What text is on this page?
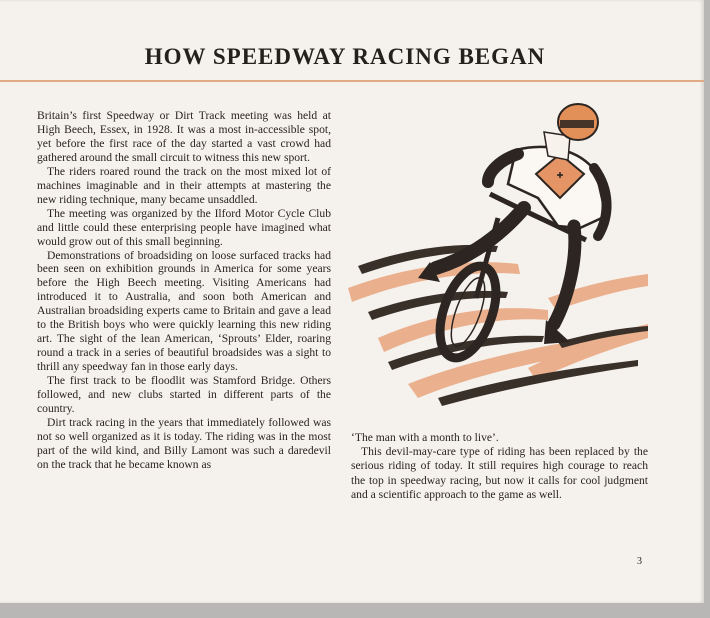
HOW SPEEDWAY RACING BEGAN

Britain’s first Speedway or Dirt Track meeting was held at High Beech, Essex, in 1928. It was a most in-accessible spot, yet before the first race of the day started a vast crowd had gathered around the small circuit to witness this new sport.

The riders roared round the track on the most mixed lot of machines imaginable and in their attempts at mastering the new riding technique, many became unsaddled.

The meeting was organized by the Ilford Motor Cycle Club and little could these enterprising people have imagined what would grow out of this small beginning.

Demonstrations of broadsiding on loose surfaced tracks had been seen on exhibition grounds in America for some years before the High Beech meeting. Visiting Americans had introduced it to Australia, and soon both American and Australian broadsiding experts came to Britain and gave a lead to the British boys who were quickly learning this new riding art. The sight of the lean American, ‘Sprouts’ Elder, roaring round a track in a series of beautiful broadsides was a sight to thrill any speedway fan in those early days.

The first track to be floodlit was Stamford Bridge. Others followed, and new clubs started in different parts of the country.

Dirt track racing in the years that immediately followed was not so well organized as it is today. The riding was in the most part of the wild kind, and Billy Lamont was such a daredevil on the track that he became known as

✚

‘The man with a month to live’.

This devil-may-care type of riding has been replaced by the serious riding of today. It still requires high courage to reach the top in speedway racing, but now it calls for cool judgment and a scientific approach to the game as well.

3
